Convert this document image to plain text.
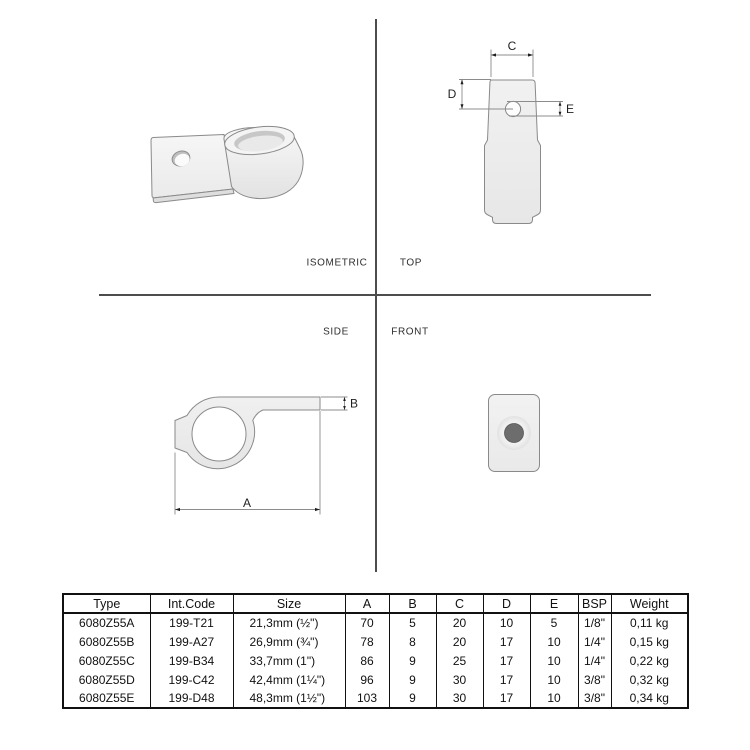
ISOMETRIC	TOP
SIDE	FRONT
C
D
E
B
A
Type	Int.Code	Size	A	B	C	D	E	BSP	Weight
6080Z55A	199-T21	21,3mm (½")	70	5	20	10	5	1/8"	0,11 kg
6080Z55B	199-A27	26,9mm (¾")	78	8	20	17	10	1/4"	0,15 kg
6080Z55C	199-B34	33,7mm (1")	86	9	25	17	10	1/4"	0,22 kg
6080Z55D	199-C42	42,4mm (1¼")	96	9	30	17	10	3/8"	0,32 kg
6080Z55E	199-D48	48,3mm (1½")	103	9	30	17	10	3/8"	0,34 kg
